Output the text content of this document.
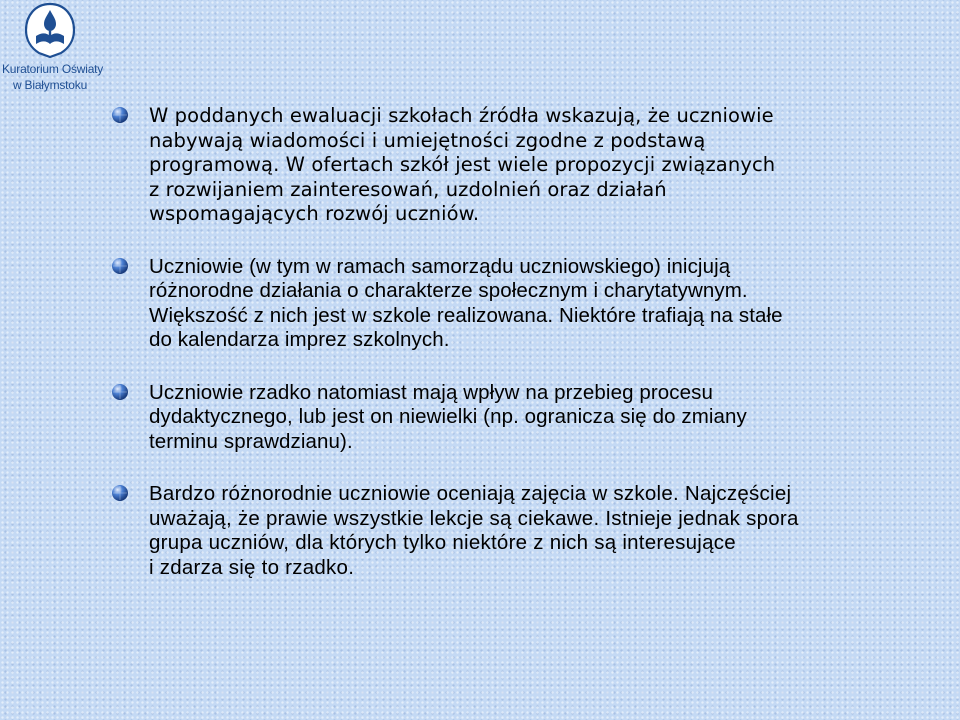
Kuratorium Oświaty
w Białymstoku

W poddanych ewaluacji szkołach źródła wskazują, że uczniowie
nabywają wiadomości i umiejętności zgodne z podstawą
programową. W ofertach szkół jest wiele propozycji związanych
z rozwijaniem zainteresowań, uzdolnień oraz działań
wspomagających rozwój uczniów.

Uczniowie (w tym w ramach samorządu uczniowskiego) inicjują
różnorodne działania o charakterze społecznym i charytatywnym.
Większość z nich jest w szkole realizowana. Niektóre trafiają na stałe
do kalendarza imprez szkolnych.

Uczniowie rzadko natomiast mają wpływ na przebieg procesu
dydaktycznego, lub jest on niewielki (np. ogranicza się do zmiany
terminu sprawdzianu).

Bardzo różnorodnie uczniowie oceniają zajęcia w szkole. Najczęściej
uważają, że prawie wszystkie lekcje są ciekawe. Istnieje jednak spora
grupa uczniów, dla których tylko niektóre z nich są interesujące
i zdarza się to rzadko.
